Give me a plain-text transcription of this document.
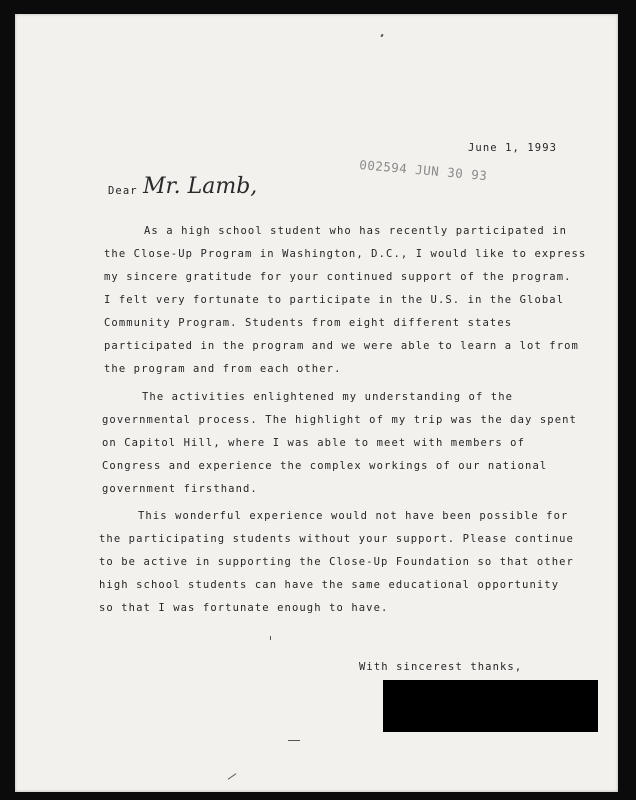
June 1, 1993
002594 JUN 30 93
Dear Mr. Lamb,
As a high school student who has recently participated in
the Close-Up Program in Washington, D.C., I would like to express
my sincere gratitude for your continued support of the program.
I felt very fortunate to participate in the U.S. in the Global
Community Program. Students from eight different states
participated in the program and we were able to learn a lot from
the program and from each other.
The activities enlightened my understanding of the
governmental process. The highlight of my trip was the day spent
on Capitol Hill, where I was able to meet with members of
Congress and experience the complex workings of our national
government firsthand.
This wonderful experience would not have been possible for
the participating students without your support. Please continue
to be active in supporting the Close-Up Foundation so that other
high school students can have the same educational opportunity
so that I was fortunate enough to have.
With sincerest thanks,
